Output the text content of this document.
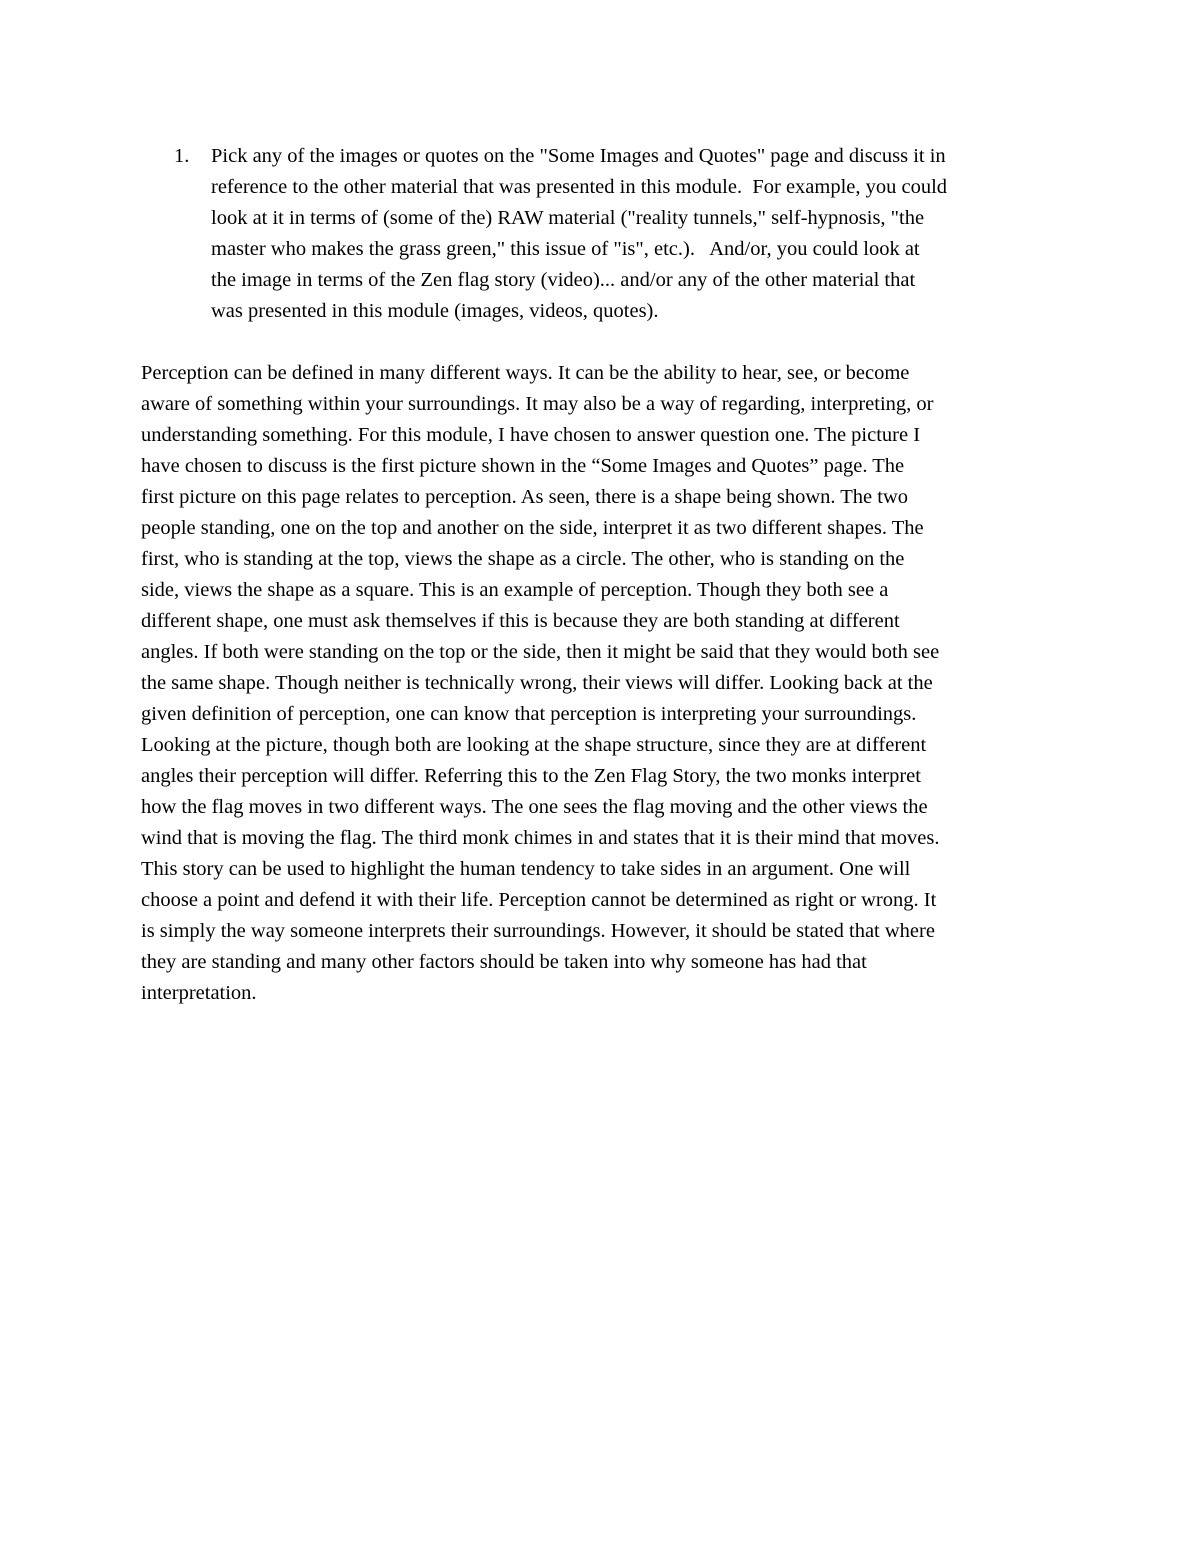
1.	Pick any of the images or quotes on the "Some Images and Quotes" page and discuss it in
reference to the other material that was presented in this module.  For example, you could
look at it in terms of (some of the) RAW material ("reality tunnels," self-hypnosis, "the
master who makes the grass green," this issue of "is", etc.).   And/or, you could look at
the image in terms of the Zen flag story (video)... and/or any of the other material that
was presented in this module (images, videos, quotes).
Perception can be defined in many different ways. It can be the ability to hear, see, or become
aware of something within your surroundings. It may also be a way of regarding, interpreting, or
understanding something. For this module, I have chosen to answer question one. The picture I
have chosen to discuss is the first picture shown in the “Some Images and Quotes” page. The
first picture on this page relates to perception. As seen, there is a shape being shown. The two
people standing, one on the top and another on the side, interpret it as two different shapes. The
first, who is standing at the top, views the shape as a circle. The other, who is standing on the
side, views the shape as a square. This is an example of perception. Though they both see a
different shape, one must ask themselves if this is because they are both standing at different
angles. If both were standing on the top or the side, then it might be said that they would both see
the same shape. Though neither is technically wrong, their views will differ. Looking back at the
given definition of perception, one can know that perception is interpreting your surroundings.
Looking at the picture, though both are looking at the shape structure, since they are at different
angles their perception will differ. Referring this to the Zen Flag Story, the two monks interpret
how the flag moves in two different ways. The one sees the flag moving and the other views the
wind that is moving the flag. The third monk chimes in and states that it is their mind that moves.
This story can be used to highlight the human tendency to take sides in an argument. One will
choose a point and defend it with their life. Perception cannot be determined as right or wrong. It
is simply the way someone interprets their surroundings. However, it should be stated that where
they are standing and many other factors should be taken into why someone has had that
interpretation.
